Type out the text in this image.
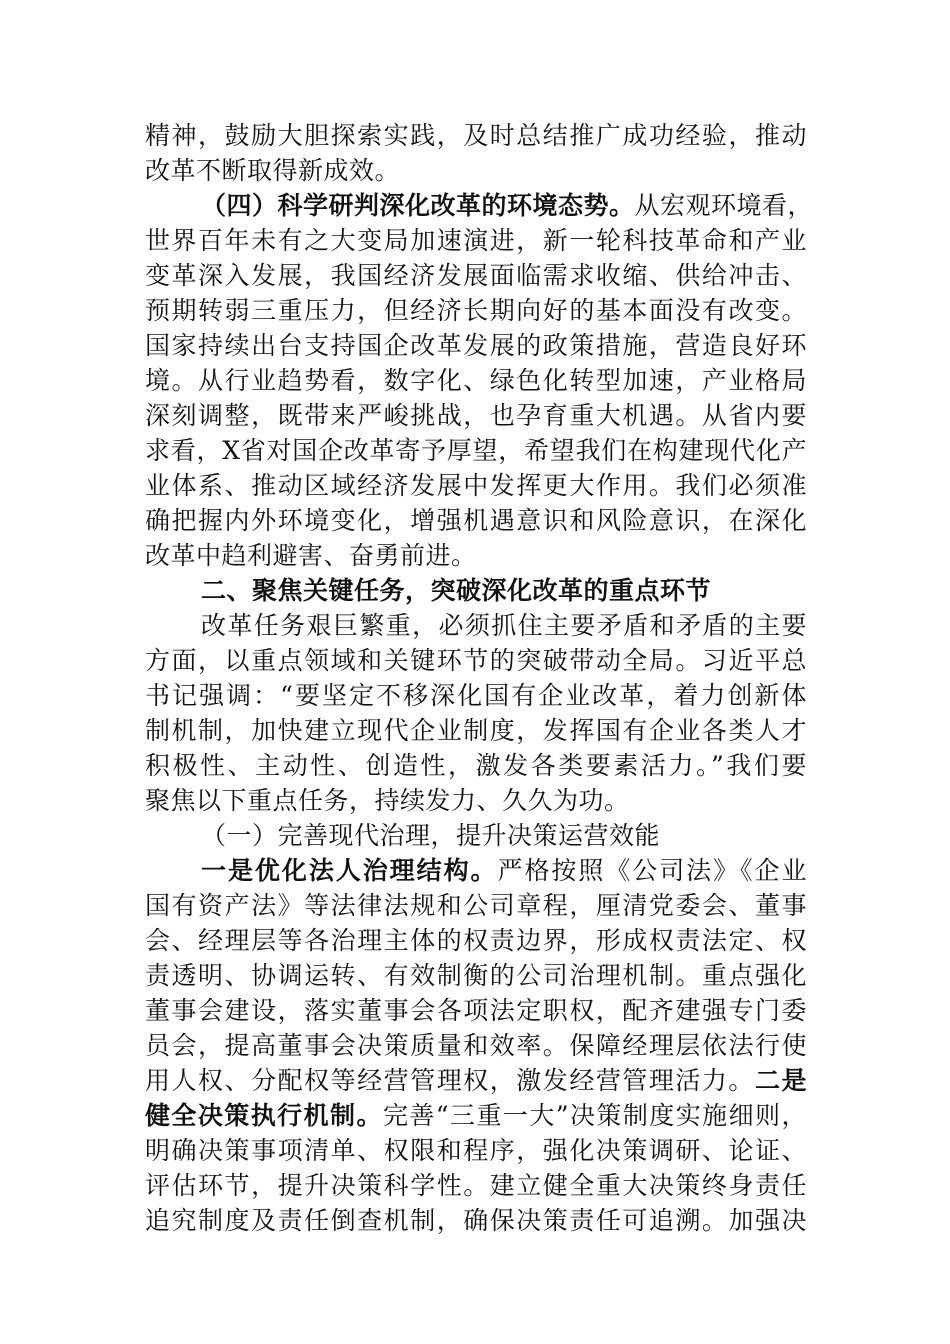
精神，鼓励大胆探索实践，及时总结推广成功经验，推动
改革不断取得新成效。
（四）科学研判深化改革的环境态势。从宏观环境看，
世界百年未有之大变局加速演进，新一轮科技革命和产业
变革深入发展，我国经济发展面临需求收缩、供给冲击、
预期转弱三重压力，但经济长期向好的基本面没有改变。
国家持续出台支持国企改革发展的政策措施，营造良好环
境。从行业趋势看，数字化、绿色化转型加速，产业格局
深刻调整，既带来严峻挑战，也孕育重大机遇。从省内要
求看，X省对国企改革寄予厚望，希望我们在构建现代化产
业体系、推动区域经济发展中发挥更大作用。我们必须准
确把握内外环境变化，增强机遇意识和风险意识，在深化
改革中趋利避害、奋勇前进。
二、聚焦关键任务，突破深化改革的重点环节
改革任务艰巨繁重，必须抓住主要矛盾和矛盾的主要
方面，以重点领域和关键环节的突破带动全局。习近平总
书记强调：“要坚定不移深化国有企业改革，着力创新体
制机制，加快建立现代企业制度，发挥国有企业各类人才
积极性、主动性、创造性，激发各类要素活力。”我们要
聚焦以下重点任务，持续发力、久久为功。
（一）完善现代治理，提升决策运营效能
一是优化法人治理结构。严格按照《公司法》《企业
国有资产法》等法律法规和公司章程，厘清党委会、董事
会、经理层等各治理主体的权责边界，形成权责法定、权
责透明、协调运转、有效制衡的公司治理机制。重点强化
董事会建设，落实董事会各项法定职权，配齐建强专门委
员会，提高董事会决策质量和效率。保障经理层依法行使
用人权、分配权等经营管理权，激发经营管理活力。二是
健全决策执行机制。完善“三重一大”决策制度实施细则，
明确决策事项清单、权限和程序，强化决策调研、论证、
评估环节，提升决策科学性。建立健全重大决策终身责任
追究制度及责任倒查机制，确保决策责任可追溯。加强决
